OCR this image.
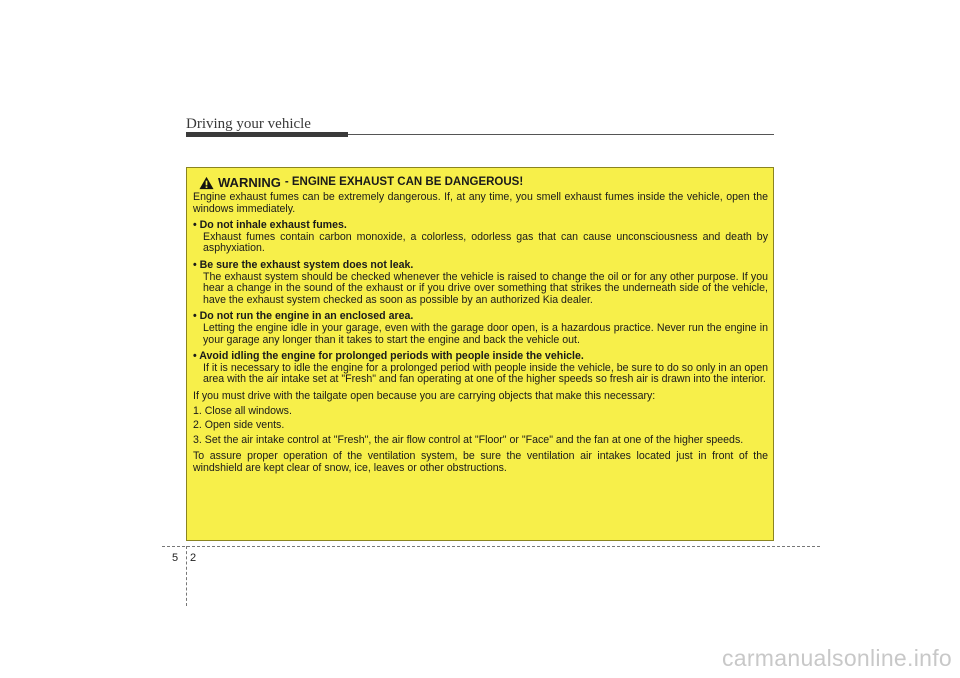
Driving your vehicle
WARNING - ENGINE EXHAUST CAN BE DANGEROUS!

Engine exhaust fumes can be extremely dangerous. If, at any time, you smell exhaust fumes inside the vehicle, open the windows immediately.

• Do not inhale exhaust fumes.

Exhaust fumes contain carbon monoxide, a colorless, odorless gas that can cause unconsciousness and death by asphyxiation.

• Be sure the exhaust system does not leak.

The exhaust system should be checked whenever the vehicle is raised to change the oil or for any other purpose. If you hear a change in the sound of the exhaust or if you drive over something that strikes the underneath side of the vehicle, have the exhaust system checked as soon as possible by an authorized Kia dealer.

• Do not run the engine in an enclosed area.

Letting the engine idle in your garage, even with the garage door open, is a hazardous practice. Never run the engine in your garage any longer than it takes to start the engine and back the vehicle out.

• Avoid idling the engine for prolonged periods with people inside the vehicle.

If it is necessary to idle the engine for a prolonged period with people inside the vehicle, be sure to do so only in an open area with the air intake set at "Fresh" and fan operating at one of the higher speeds so fresh air is drawn into the interior.

If you must drive with the tailgate open because you are carrying objects that make this necessary:

1. Close all windows.

2. Open side vents.

3. Set the air intake control at "Fresh", the air flow control at "Floor" or "Face" and the fan at one of the higher speeds.

To assure proper operation of the ventilation system, be sure the ventilation air intakes located just in front of the windshield are kept clear of snow, ice, leaves or other obstructions.

5 2
carmanualsonline.info
